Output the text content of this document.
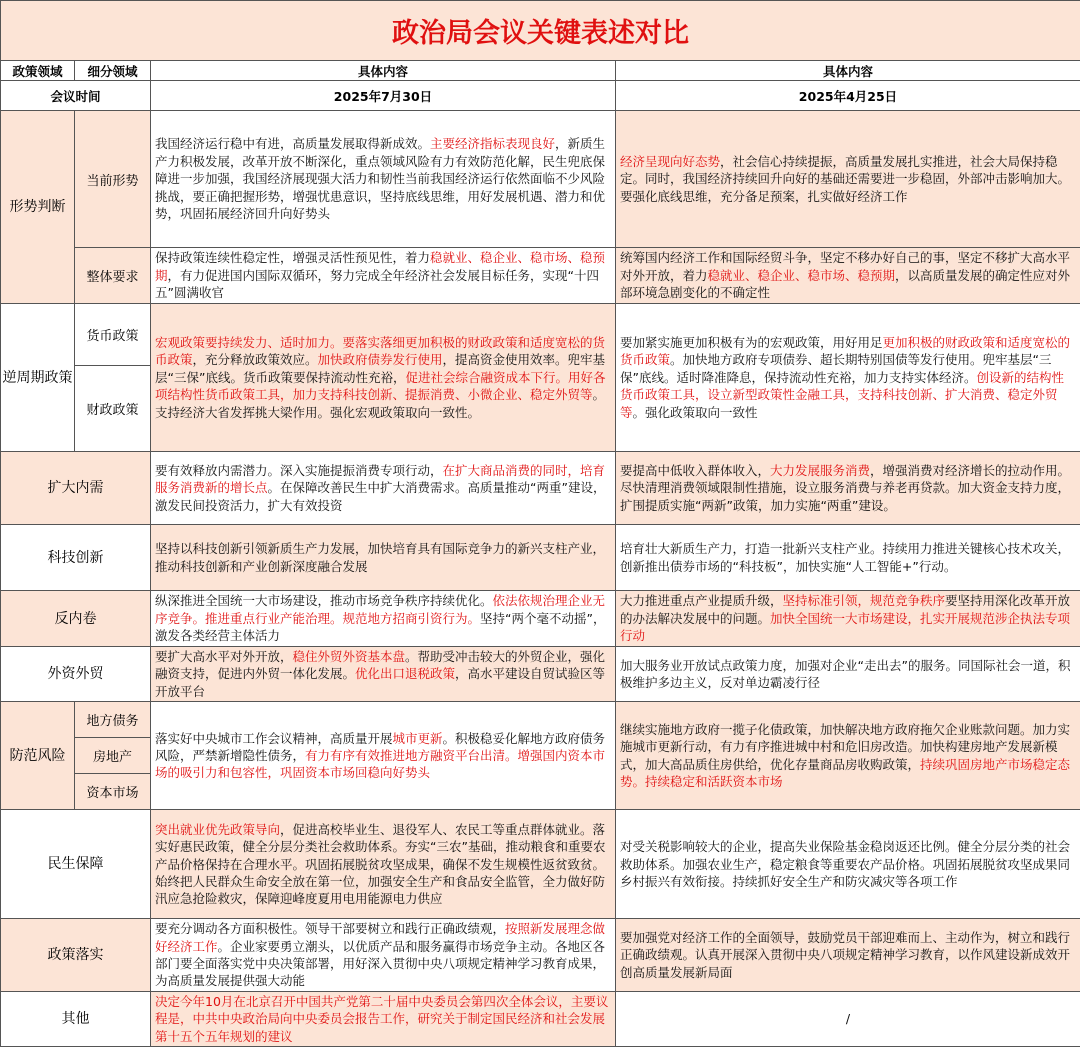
政治局会议关键表述对比			
政策领域	细分领域	具体内容	具体内容
会议时间		2025年7月30日	2025年4月25日
形势判断	当前形势	我国经济运行稳中有进，高质量发展取得新成效。主要经济指标表现良好，新质生产力积极发展，改革开放不断深化，重点领域风险有力有效防范化解，民生兜底保障进一步加强，我国经济展现强大活力和韧性当前我国经济运行依然面临不少风险挑战，要正确把握形势，增强忧患意识，坚持底线思维，用好发展机遇、潜力和优势，巩固拓展经济回升向好势头	经济呈现向好态势，社会信心持续提振，高质量发展扎实推进，社会大局保持稳定。同时，我国经济持续回升向好的基础还需要进一步稳固，外部冲击影响加大。要强化底线思维，充分备足预案，扎实做好经济工作
	整体要求	保持政策连续性稳定性，增强灵活性预见性，着力稳就业、稳企业、稳市场、稳预期，有力促进国内国际双循环，努力完成全年经济社会发展目标任务，实现“十四五”圆满收官	统筹国内经济工作和国际经贸斗争，坚定不移办好自己的事，坚定不移扩大高水平对外开放，着力稳就业、稳企业、稳市场、稳预期，以高质量发展的确定性应对外部环境急剧变化的不确定性
逆周期政策	货币政策	宏观政策要持续发力、适时加力。要落实落细更加积极的财政政策和适度宽松的货币政策，充分释放政策效应。加快政府债券发行使用，提高资金使用效率。兜牢基层“三保”底线。货币政策要保持流动性充裕，促进社会综合融资成本下行。用好各项结构性货币政策工具，加力支持科技创新、提振消费、小微企业、稳定外贸等。支持经济大省发挥挑大梁作用。强化宏观政策取向一致性。	要加紧实施更加积极有为的宏观政策，用好用足更加积极的财政政策和适度宽松的货币政策。加快地方政府专项债券、超长期特别国债等发行使用。兜牢基层“三保”底线。适时降准降息，保持流动性充裕，加力支持实体经济。创设新的结构性货币政策工具，设立新型政策性金融工具，支持科技创新、扩大消费、稳定外贸等。强化政策取向一致性
	财政政策		
扩大内需		要有效释放内需潜力。深入实施提振消费专项行动，在扩大商品消费的同时，培育服务消费新的增长点。在保障改善民生中扩大消费需求。高质量推动“两重”建设，激发民间投资活力，扩大有效投资	要提高中低收入群体收入，大力发展服务消费，增强消费对经济增长的拉动作用。尽快清理消费领域限制性措施，设立服务消费与养老再贷款。加大资金支持力度，扩围提质实施“两新”政策，加力实施“两重”建设。
科技创新		坚持以科技创新引领新质生产力发展，加快培育具有国际竞争力的新兴支柱产业，推动科技创新和产业创新深度融合发展	培育壮大新质生产力，打造一批新兴支柱产业。持续用力推进关键核心技术攻关，创新推出债券市场的“科技板”，加快实施“人工智能+”行动。
反内卷		纵深推进全国统一大市场建设，推动市场竞争秩序持续优化。依法依规治理企业无序竞争。推进重点行业产能治理。规范地方招商引资行为。坚持“两个毫不动摇”，激发各类经营主体活力	大力推进重点产业提质升级，坚持标准引领，规范竞争秩序要坚持用深化改革开放的办法解决发展中的问题。加快全国统一大市场建设，扎实开展规范涉企执法专项行动
外资外贸		要扩大高水平对外开放，稳住外贸外资基本盘。帮助受冲击较大的外贸企业，强化融资支持，促进内外贸一体化发展。优化出口退税政策，高水平建设自贸试验区等开放平台	加大服务业开放试点政策力度，加强对企业“走出去”的服务。同国际社会一道，积极维护多边主义，反对单边霸凌行径
防范风险	地方债务	落实好中央城市工作会议精神，高质量开展城市更新。积极稳妥化解地方政府债务风险，严禁新增隐性债务，有力有序有效推进地方融资平台出清。增强国内资本市场的吸引力和包容性，巩固资本市场回稳向好势头	继续实施地方政府一揽子化债政策，加快解决地方政府拖欠企业账款问题。加力实施城市更新行动，有力有序推进城中村和危旧房改造。加快构建房地产发展新模式，加大高品质住房供给，优化存量商品房收购政策，持续巩固房地产市场稳定态势。持续稳定和活跃资本市场
	房地产		
	资本市场		
民生保障		突出就业优先政策导向，促进高校毕业生、退役军人、农民工等重点群体就业。落实好惠民政策，健全分层分类社会救助体系。夯实“三农”基础，推动粮食和重要农产品价格保持在合理水平。巩固拓展脱贫攻坚成果，确保不发生规模性返贫致贫。始终把人民群众生命安全放在第一位，加强安全生产和食品安全监管，全力做好防汛应急抢险救灾，保障迎峰度夏用电用能源电力供应	对受关税影响较大的企业，提高失业保险基金稳岗返还比例。健全分层分类的社会救助体系。加强农业生产，稳定粮食等重要农产品价格。巩固拓展脱贫攻坚成果同乡村振兴有效衔接。持续抓好安全生产和防灾减灾等各项工作
政策落实		要充分调动各方面积极性。领导干部要树立和践行正确政绩观，按照新发展理念做好经济工作。企业家要勇立潮头，以优质产品和服务赢得市场竞争主动。各地区各部门要全面落实党中央决策部署，用好深入贯彻中央八项规定精神学习教育成果，为高质量发展提供强大动能	要加强党对经济工作的全面领导，鼓励党员干部迎难而上、主动作为，树立和践行正确政绩观。认真开展深入贯彻中央八项规定精神学习教育，以作风建设新成效开创高质量发展新局面
其他		决定今年10月在北京召开中国共产党第二十届中央委员会第四次全体会议，主要议程是，中共中央政治局向中央委员会报告工作，研究关于制定国民经济和社会发展第十五个五年规划的建议	/
